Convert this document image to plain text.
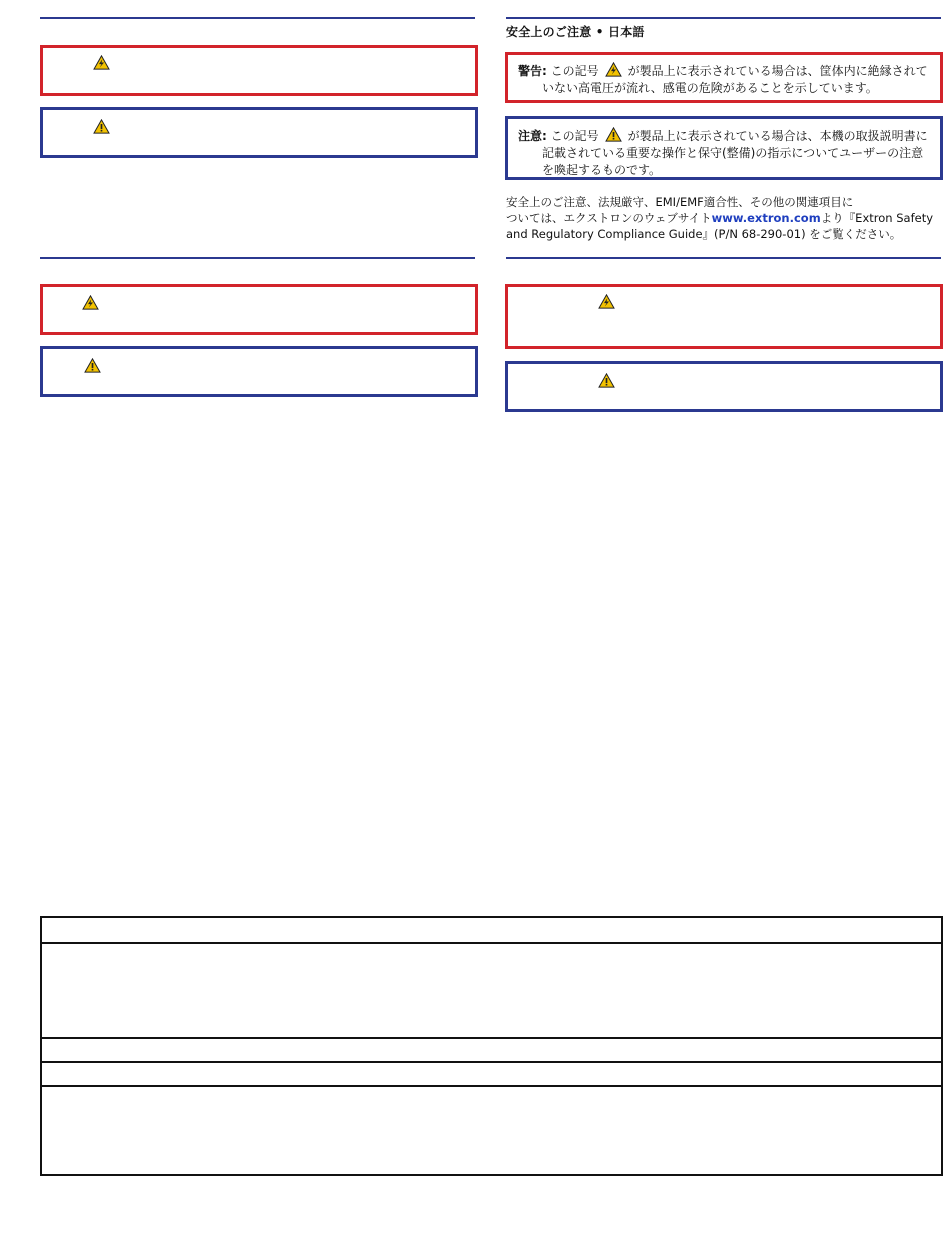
安全上のご注意 • 日本語
警告: この記号 が製品上に表示されている場合は、筐体内に絶縁されて
いない高電圧が流れ、感電の危険があることを示しています。
注意: この記号 が製品上に表示されている場合は、本機の取扱説明書に
記載されている重要な操作と保守(整備)の指示についてユーザーの注意
を喚起するものです。
安全上のご注意、法規厳守、EMI/EMF適合性、その他の関連項目に
ついては、エクストロンのウェブサイトwww.extron.comより『Extron Safety
and Regulatory Compliance Guide』(P/N 68-290-01) をご覧ください。
